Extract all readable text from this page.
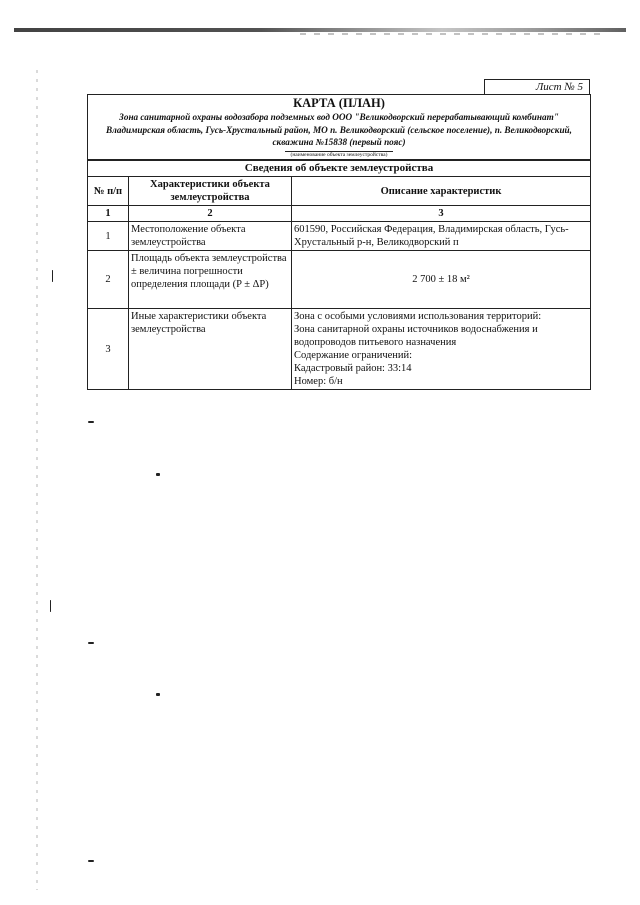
Лист № 5
КАРТА (ПЛАН)
Зона санитарной охраны водозабора подземных вод ООО "Великодворский перерабатывающий комбинат" Владимирская область, Гусь-Хрустальный район, МО п. Великодворский (сельское поселение), п. Великодворский, скважина №15838 (первый пояс)
(наименование объекта землеустройства)
Сведения об объекте землеустройства		
№ п/п	Характеристики объекта землеустройства	Описание характеристик
1	2	3
1	Местоположение объекта землеустройства	601590, Российская Федерация, Владимирская область, Гусь-Хрустальный р-н, Великодворский п
2	Площадь объекта землеустройства ± величина погрешности определения площади (P ± ΔP)	2 700 ± 18 м²
3	Иные характеристики объекта землеустройства	Зона с особыми условиями использования территорий:
Зона санитарной охраны источников водоснабжения и водопроводов питьевого назначения
Содержание ограничений:
Кадастровый район: 33:14
Номер: б/н
